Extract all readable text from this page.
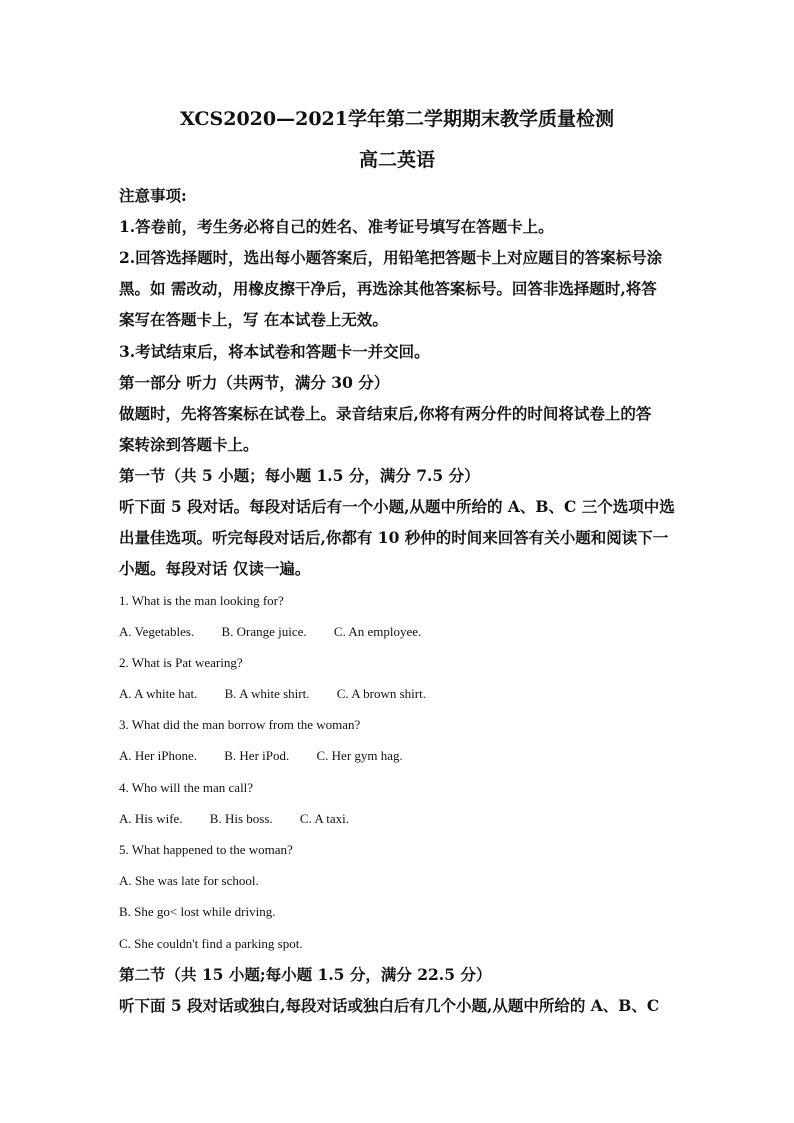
XCS2020—2021学年第二学期期末教学质量检测
高二英语
注意事项:
1.答卷前，考生务必将自己的姓名、准考证号填写在答题卡上。
2.回答选择题时，选出每小题答案后，用铅笔把答题卡上对应题目的答案标号涂
黑。如 需改动，用橡皮擦干净后，再选涂其他答案标号。回答非选择题时,将答
案写在答题卡上，写 在本试卷上无效。
3.考试结束后，将本试卷和答题卡一并交回。
第一部分 听力（共两节，满分 30 分）
做题时，先将答案标在试卷上。录音结束后,你将有两分件的时间将试卷上的答
案转涂到答题卡上。
第一节（共 5 小题；每小题 1.5 分，满分 7.5 分）
听下面 5 段对话。每段对话后有一个小题,从题中所给的 A、B、C 三个选项中选
出量佳选项。听完每段对话后,你都有 10 秒仲的时间来回答有关小题和阅读下一
小题。每段对话 仅读一遍。
1. What is the man looking for?
A. Vegetables. B. Orange juice. C. An employee.
2. What is Pat wearing?
A. A white hat. B. A white shirt. C. A brown shirt.
3. What did the man borrow from the woman?
A. Her iPhone. B. Her iPod. C. Her gym hag.
4. Who will the man call?
A. His wife. B. His boss. C. A taxi.
5. What happened to the woman?
A. She was late for school.
B. She go< lost while driving.
C. She couldn't find a parking spot.
第二节（共 15 小题;每小题 1.5 分，满分 22.5 分）
听下面 5 段对话或独白,每段对话或独白后有几个小题,从题中所给的 A、B、C
